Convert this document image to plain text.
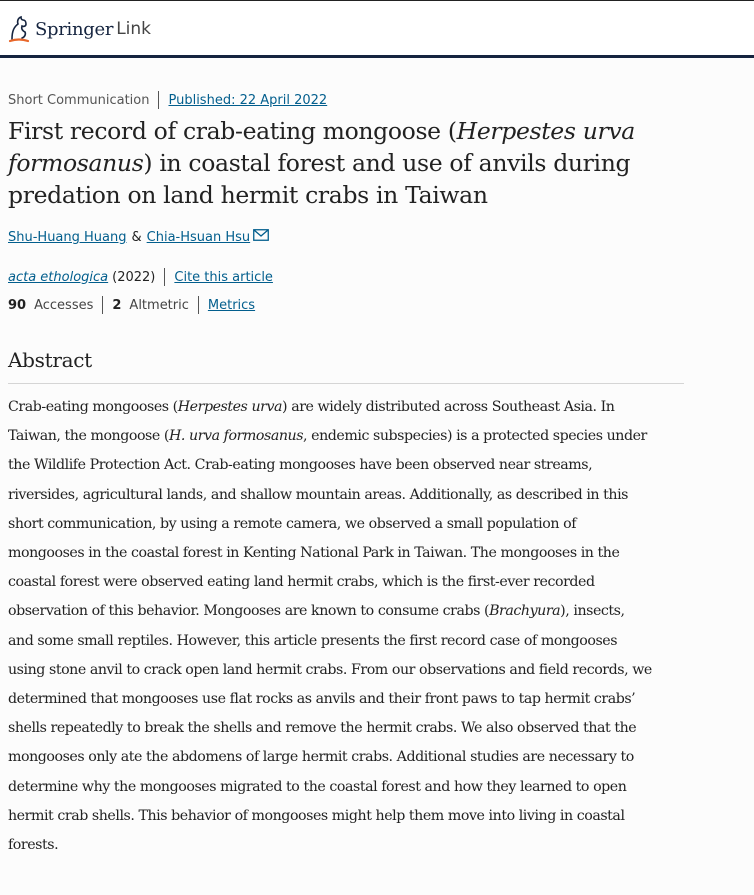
Springer Link
Short Communication Published: 22 April 2022
First record of crab-eating mongoose (Herpestes urva formosanus) in coastal forest and use of anvils during predation on land hermit crabs in Taiwan
Shu-Huang Huang & Chia-Hsuan Hsu
acta ethologica (2022) Cite this article
90 Accesses 2 Altmetric Metrics
Abstract

Crab-eating mongooses (Herpestes urva) are widely distributed across Southeast Asia. In
Taiwan, the mongoose (H. urva formosanus, endemic subspecies) is a protected species under
the Wildlife Protection Act. Crab-eating mongooses have been observed near streams,
riversides, agricultural lands, and shallow mountain areas. Additionally, as described in this
short communication, by using a remote camera, we observed a small population of
mongooses in the coastal forest in Kenting National Park in Taiwan. The mongooses in the
coastal forest were observed eating land hermit crabs, which is the first-ever recorded
observation of this behavior. Mongooses are known to consume crabs (Brachyura), insects,
and some small reptiles. However, this article presents the first record case of mongooses
using stone anvil to crack open land hermit crabs. From our observations and field records, we
determined that mongooses use flat rocks as anvils and their front paws to tap hermit crabs’
shells repeatedly to break the shells and remove the hermit crabs. We also observed that the
mongooses only ate the abdomens of large hermit crabs. Additional studies are necessary to
determine why the mongooses migrated to the coastal forest and how they learned to open
hermit crab shells. This behavior of mongooses might help them move into living in coastal
forests.
